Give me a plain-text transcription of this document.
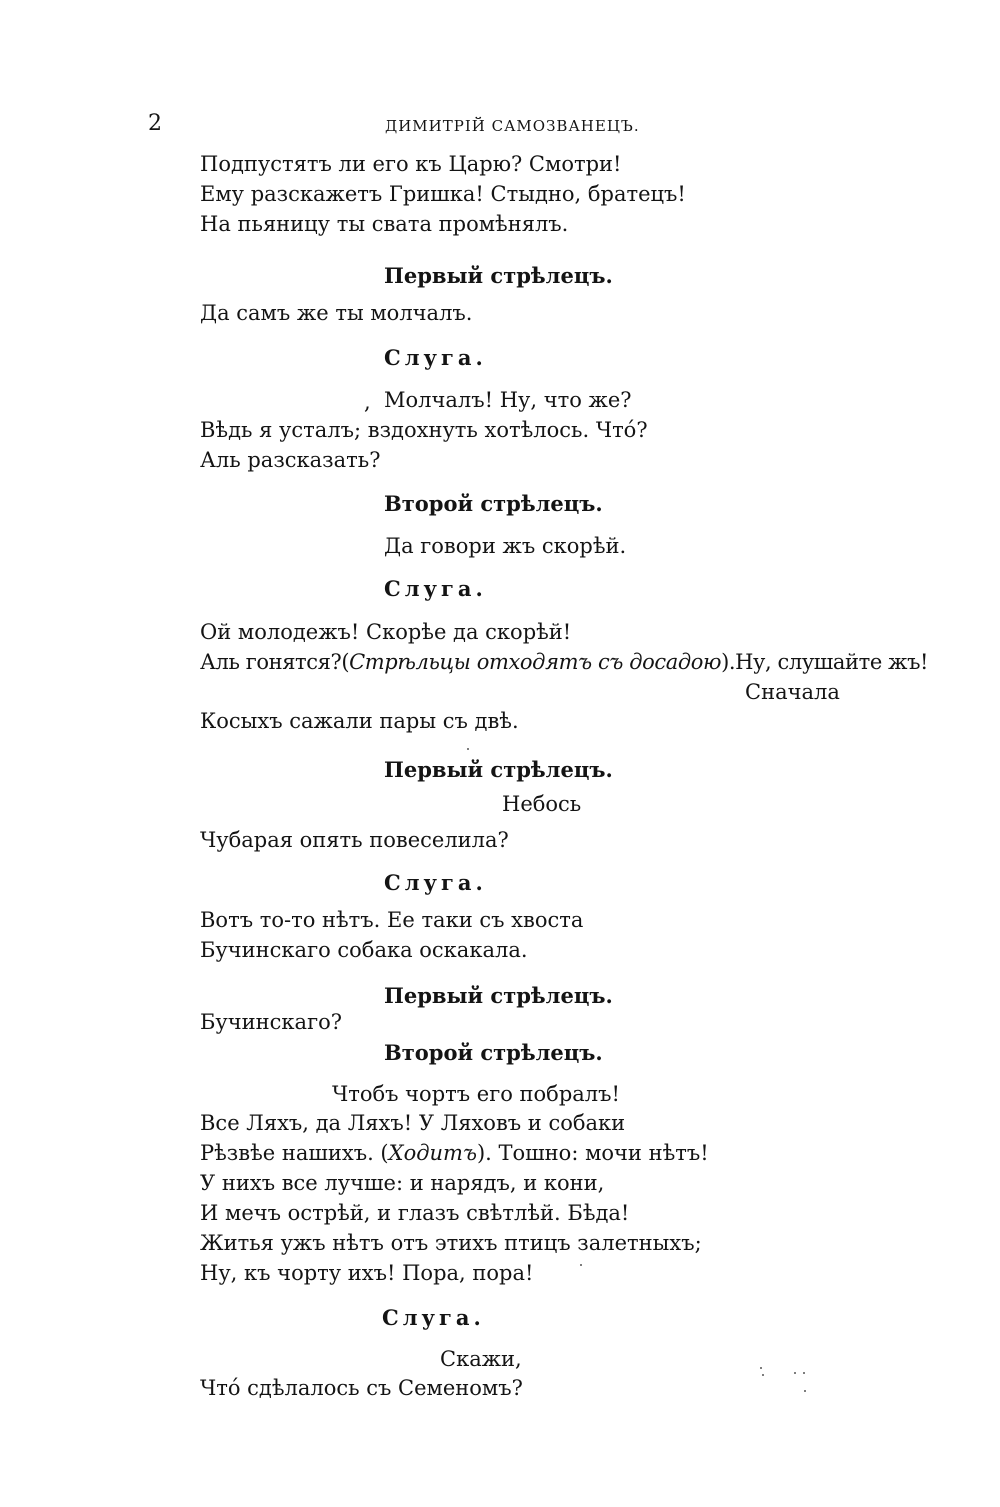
2	ДИМИТРІЙ САМОЗВАНЕЦЪ.
Подпустятъ ли его къ Царю? Смотри!
Ему разскажетъ Гришка! Стыдно, братецъ!
На пьяницу ты свата промѣнялъ.
Первый стрѣлецъ.
Да самъ же ты молчалъ.
Слуга.
, Молчалъ! Ну, что же?
Вѣдь я усталъ; вздохнуть хотѣлось. Что́?
Аль разсказать?
Второй стрѣлецъ.
Да говори жъ скорѣй.
Слуга.
Ой молодежъ! Скорѣе да скорѣй!
Аль гонятся?(Стрѣльцы отходятъ съ досадою).Ну, слушайте жъ!
Сначала
Косыхъ сажали пары съ двѣ.
Первый стрѣлецъ.
Небось
Чубарая опять повеселила?
Слуга.
Вотъ то-то нѣтъ. Ее таки съ хвоста
Бучинскаго собака оскакала.
Первый стрѣлецъ.
Бучинскаго?
Второй стрѣлецъ.
Чтобъ чортъ его побралъ!
Все Ляхъ, да Ляхъ! У Ляховъ и собаки
Рѣзвѣе нашихъ. (Ходитъ). Тошно: мочи нѣтъ!
У нихъ все лучше: и нарядъ, и кони,
И мечъ острѣй, и глазъ свѣтлѣй. Бѣда!
Житья ужъ нѣтъ отъ этихъ птицъ залетныхъ;
Ну, къ чорту ихъ! Пора, пора!
Слуга.
Скажи,
Что́ сдѣлалось съ Семеномъ?
